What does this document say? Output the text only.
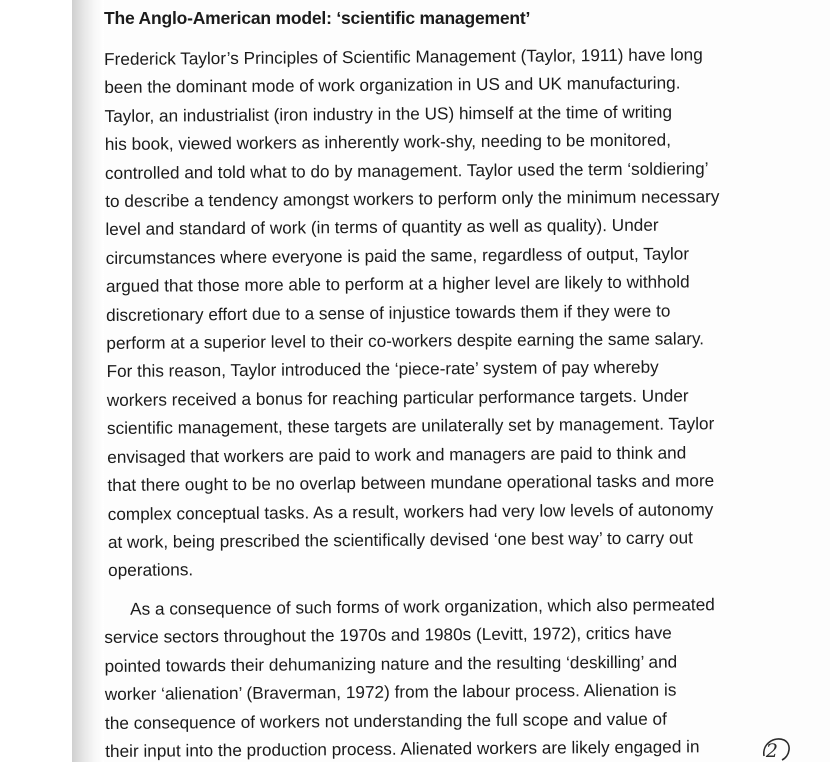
The Anglo-American model: ‘scientific management’

Frederick Taylor’s Principles of Scientific Management (Taylor, 1911) have long
been the dominant mode of work organization in US and UK manufacturing.
Taylor, an industrialist (iron industry in the US) himself at the time of writing
his book, viewed workers as inherently work-shy, needing to be monitored,
controlled and told what to do by management. Taylor used the term ‘soldiering’
to describe a tendency amongst workers to perform only the minimum necessary
level and standard of work (in terms of quantity as well as quality). Under
circumstances where everyone is paid the same, regardless of output, Taylor
argued that those more able to perform at a higher level are likely to withhold
discretionary effort due to a sense of injustice towards them if they were to
perform at a superior level to their co-workers despite earning the same salary.
For this reason, Taylor introduced the ‘piece-rate’ system of pay whereby
workers received a bonus for reaching particular performance targets. Under
scientific management, these targets are unilaterally set by management. Taylor
envisaged that workers are paid to work and managers are paid to think and
that there ought to be no overlap between mundane operational tasks and more
complex conceptual tasks. As a result, workers had very low levels of autonomy
at work, being prescribed the scientifically devised ‘one best way’ to carry out
operations.

As a consequence of such forms of work organization, which also permeated
service sectors throughout the 1970s and 1980s (Levitt, 1972), critics have
pointed towards their dehumanizing nature and the resulting ‘deskilling’ and
worker ‘alienation’ (Braverman, 1972) from the labour process. Alienation is
the consequence of workers not understanding the full scope and value of
their input into the production process. Alienated workers are likely engaged in	2
